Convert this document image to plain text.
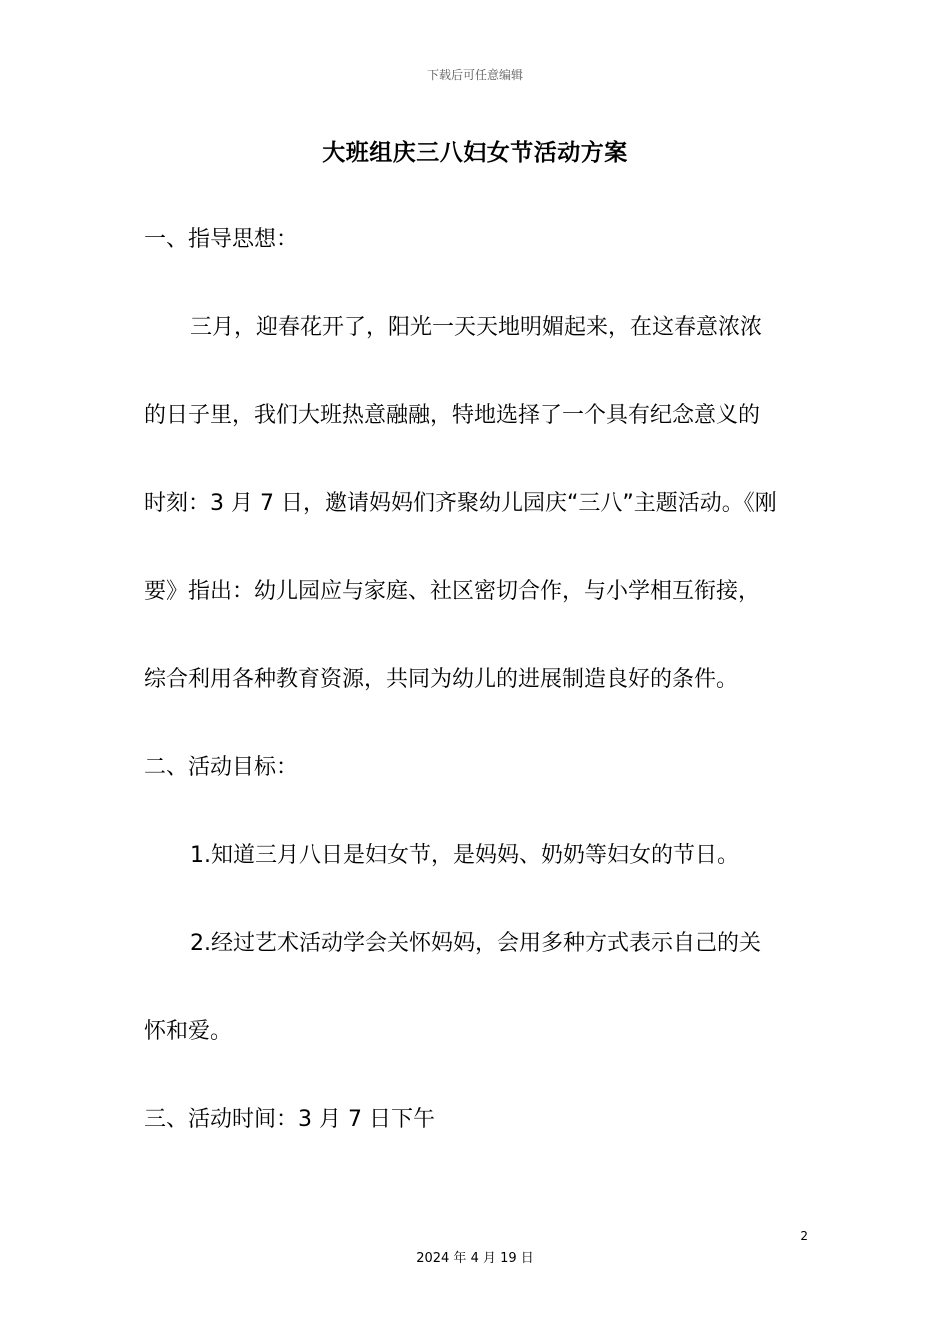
下载后可任意编辑
大班组庆三八妇女节活动方案
一、指导思想：
三月，迎春花开了，阳光一天天地明媚起来，在这春意浓浓
的日子里，我们大班热意融融，特地选择了一个具有纪念意义的
时刻：3 月 7 日，邀请妈妈们齐聚幼儿园庆“三八”主题活动。《刚
要》指出：幼儿园应与家庭、社区密切合作，与小学相互衔接，
综合利用各种教育资源，共同为幼儿的进展制造良好的条件。
二、活动目标：
1.知道三月八日是妇女节，是妈妈、奶奶等妇女的节日。
2.经过艺术活动学会关怀妈妈，会用多种方式表示自己的关
怀和爱。
三、活动时间：3 月 7 日下午
2
2024 年 4 月 19 日
